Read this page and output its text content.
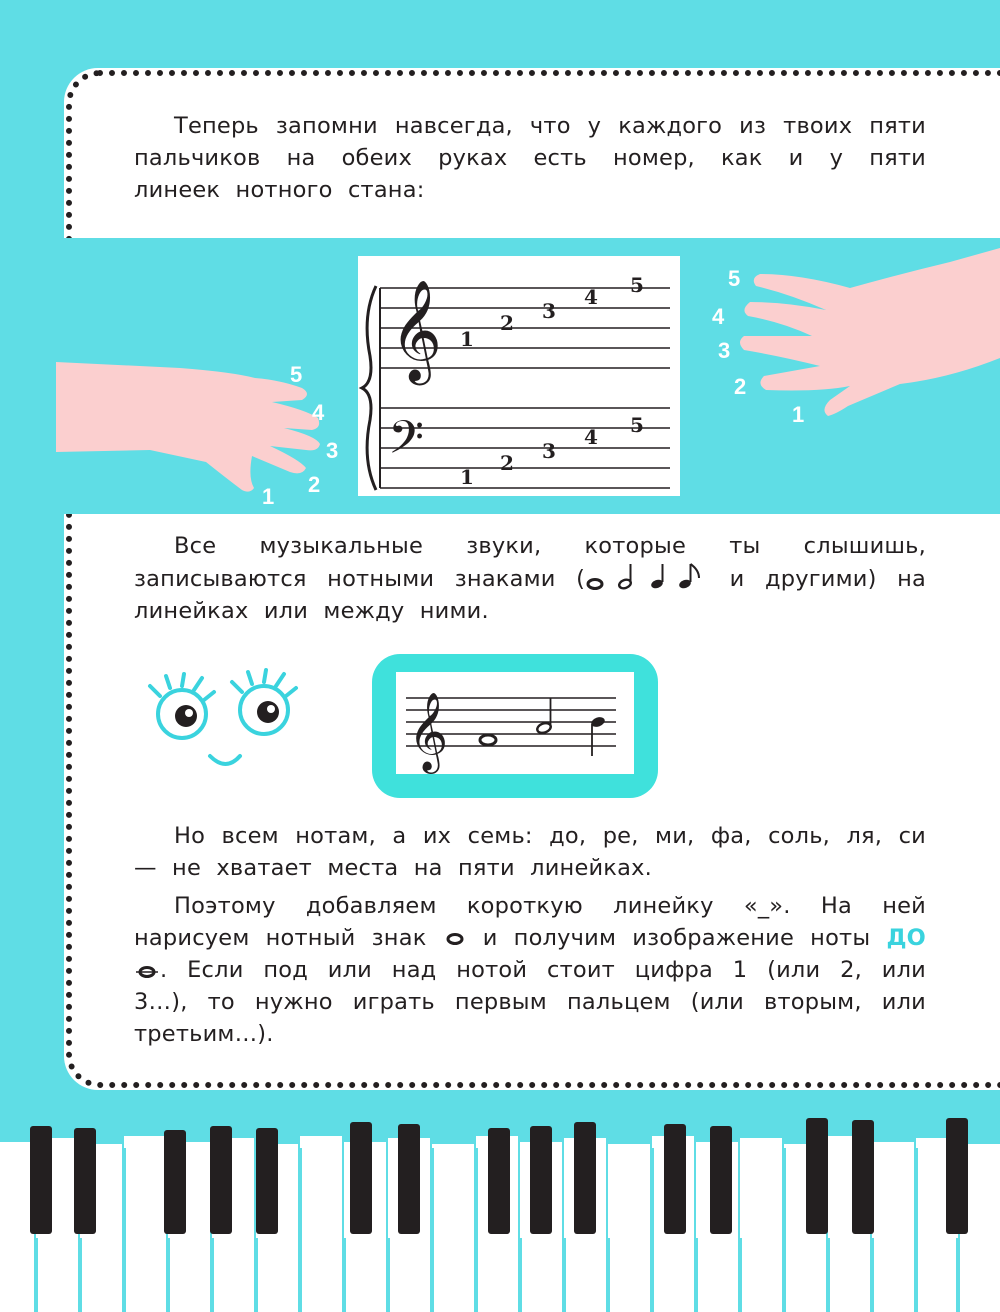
Теперь запомни навсегда, что у каждого из твоих пяти пальчиков на обеих руках есть номер, как и у пяти линеек нотного стана:
1 2
3
4
5
1
2
3
4
5
𝄞
𝄢
1
2 3
4 5
1
2 3
4 5
Все музыкальные звуки, которые ты слышишь, записываются нотными знаками (	и другими) на линейках или между ними.
𝄞
Но всем нотам, а их семь: до, ре, ми, фа, соль, ля, си — не хватает места на пяти линейках.
Поэтому добавляем короткую линейку «_». На ней нарисуем нотный знак  и получим изображение ноты ДО . Если под или над нотой стоит цифра 1 (или 2, или 3…), то нужно играть первым пальцем (или вторым, или третьим…).
